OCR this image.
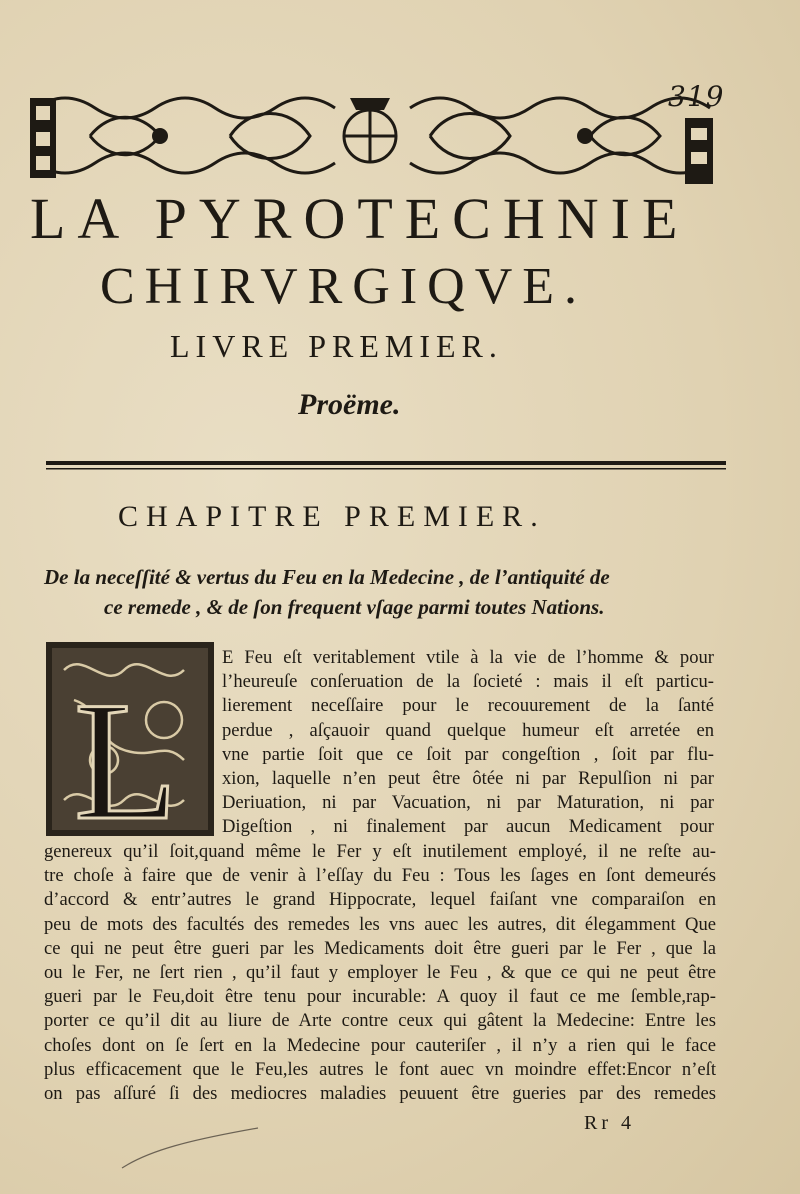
319
LA PYROTECHNIE
CHIRVRGIQVE.
LIVRE PREMIER.
Proëme.
CHAPITRE PREMIER.
De la neceſſité & vertus du Feu en la Medecine , de l’antiquité de
ce remede , & de ſon frequent vſage parmi toutes Nations.
L
E Feu eſt veritablement vtile à la vie de l’homme & pour
l’heureuſe conſeruation de la ſocieté : mais il eſt particu-
lierement neceſſaire pour le recouurement de la ſanté
perdue , aſçauoir quand quelque humeur eſt arretée en
vne partie ſoit que ce ſoit par congeſtion , ſoit par flu-
xion, laquelle n’en peut être ôtée ni par Repulſion ni par
Deriuation, ni par Vacuation, ni par Maturation, ni par
Digeſtion , ni finalement par aucun Medicament pour
genereux qu’il ſoit,quand même le Fer y eſt inutilement employé, il ne reſte au-
tre choſe à faire que de venir à l’eſſay du Feu : Tous les ſages en ſont demeurés
d’accord & entr’autres le grand Hippocrate, lequel faiſant vne comparaiſon en
peu de mots des facultés des remedes les vns auec les autres, dit élegamment Que
ce qui ne peut être gueri par les Medicaments doit être gueri par le Fer , que la
ou le Fer, ne ſert rien , qu’il faut y employer le Feu , & que ce qui ne peut être
gueri par le Feu,doit être tenu pour incurable: A quoy il faut ce me ſemble,rap-
porter ce qu’il dit au liure de Arte contre ceux qui gâtent la Medecine: Entre les
choſes dont on ſe ſert en la Medecine pour cauteriſer , il n’y a rien qui le face
plus efficacement que le Feu,les autres le font auec vn moindre effet:Encor n’eſt
on pas aſſuré ſi des mediocres maladies peuuent être gueries par des remedes
Rr 4
